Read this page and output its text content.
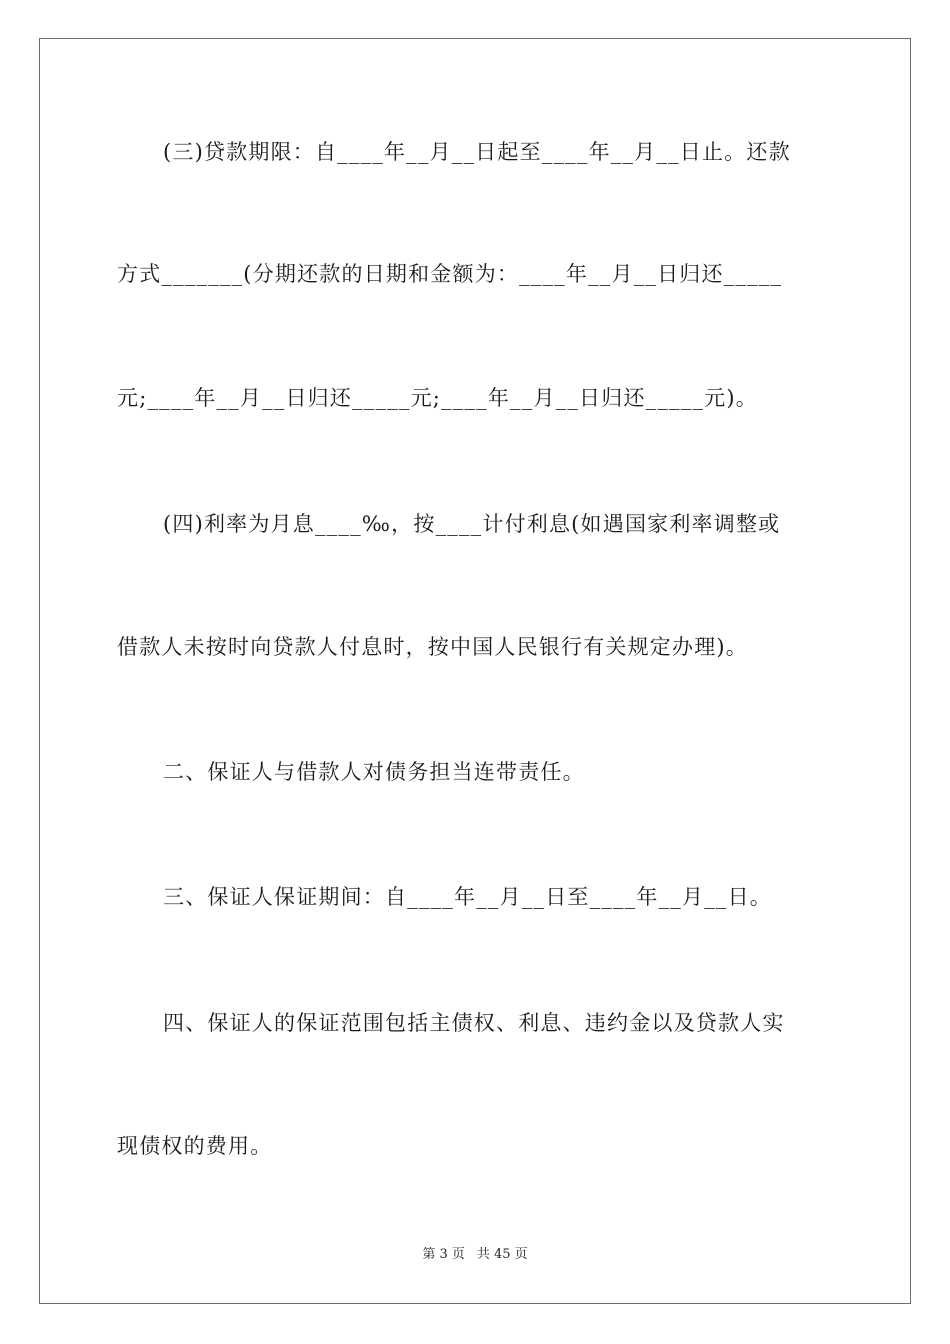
(三)贷款期限：自____年__月__日起至____年__月__日止。还款
方式_______(分期还款的日期和金额为：____年__月__日归还_____
元;____年__月__日归还_____元;____年__月__日归还_____元)。
(四)利率为月息____‰，按____计付利息(如遇国家利率调整或
借款人未按时向贷款人付息时，按中国人民银行有关规定办理)。
二、保证人与借款人对债务担当连带责任。
三、保证人保证期间：自____年__月__日至____年__月__日。
四、保证人的保证范围包括主债权、利息、违约金以及贷款人实
现债权的费用。
第 3 页 共 45 页
